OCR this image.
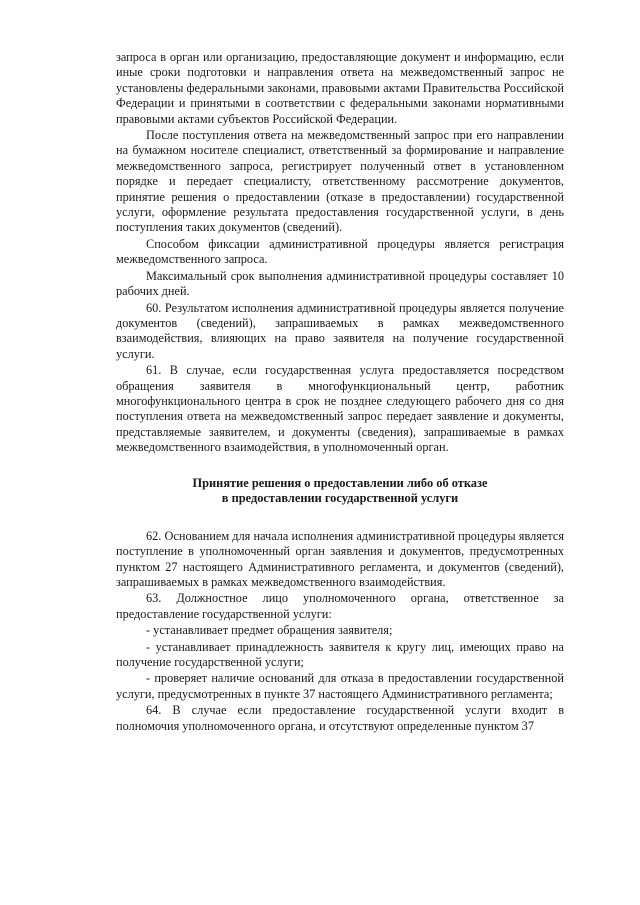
запроса в орган или организацию, предоставляющие документ и информацию, если иные сроки подготовки и направления ответа на межведомственный запрос не установлены федеральными законами, правовыми актами Правительства Российской Федерации и принятыми в соответствии с федеральными законами нормативными правовыми актами субъектов Российской Федерации.

После поступления ответа на межведомственный запрос при его направлении на бумажном носителе специалист, ответственный за формирование и направление межведомственного запроса, регистрирует полученный ответ в установленном порядке и передает специалисту, ответственному рассмотрение документов, принятие решения о предоставлении (отказе в предоставлении) государственной услуги, оформление результата предоставления государственной услуги, в день поступления таких документов (сведений).

Способом фиксации административной процедуры является регистрация межведомственного запроса.

Максимальный срок выполнения административной процедуры составляет 10 рабочих дней.

60. Результатом исполнения административной процедуры является получение документов (сведений), запрашиваемых в рамках межведомственного взаимодействия, влияющих на право заявителя на получение государственной услуги.

61. В случае, если государственная услуга предоставляется посредством обращения заявителя в многофункциональный центр, работник многофункционального центра в срок не позднее следующего рабочего дня со дня поступления ответа на межведомственный запрос передает заявление и документы, представляемые заявителем, и документы (сведения), запрашиваемые в рамках межведомственного взаимодействия, в уполномоченный орган.

Принятие решения о предоставлении либо об отказе
в предоставлении государственной услуги

62. Основанием для начала исполнения административной процедуры является поступление в уполномоченный орган заявления и документов, предусмотренных пунктом 27 настоящего Административного регламента, и документов (сведений), запрашиваемых в рамках межведомственного взаимодействия.

63. Должностное лицо уполномоченного органа, ответственное за предоставление государственной услуги:

- устанавливает предмет обращения заявителя;

- устанавливает принадлежность заявителя к кругу лиц, имеющих право на получение государственной услуги;

- проверяет наличие оснований для отказа в предоставлении государственной услуги, предусмотренных в пункте 37 настоящего Административного регламента;

64. В случае если предоставление государственной услуги входит в полномочия уполномоченного органа, и отсутствуют определенные пунктом 37
